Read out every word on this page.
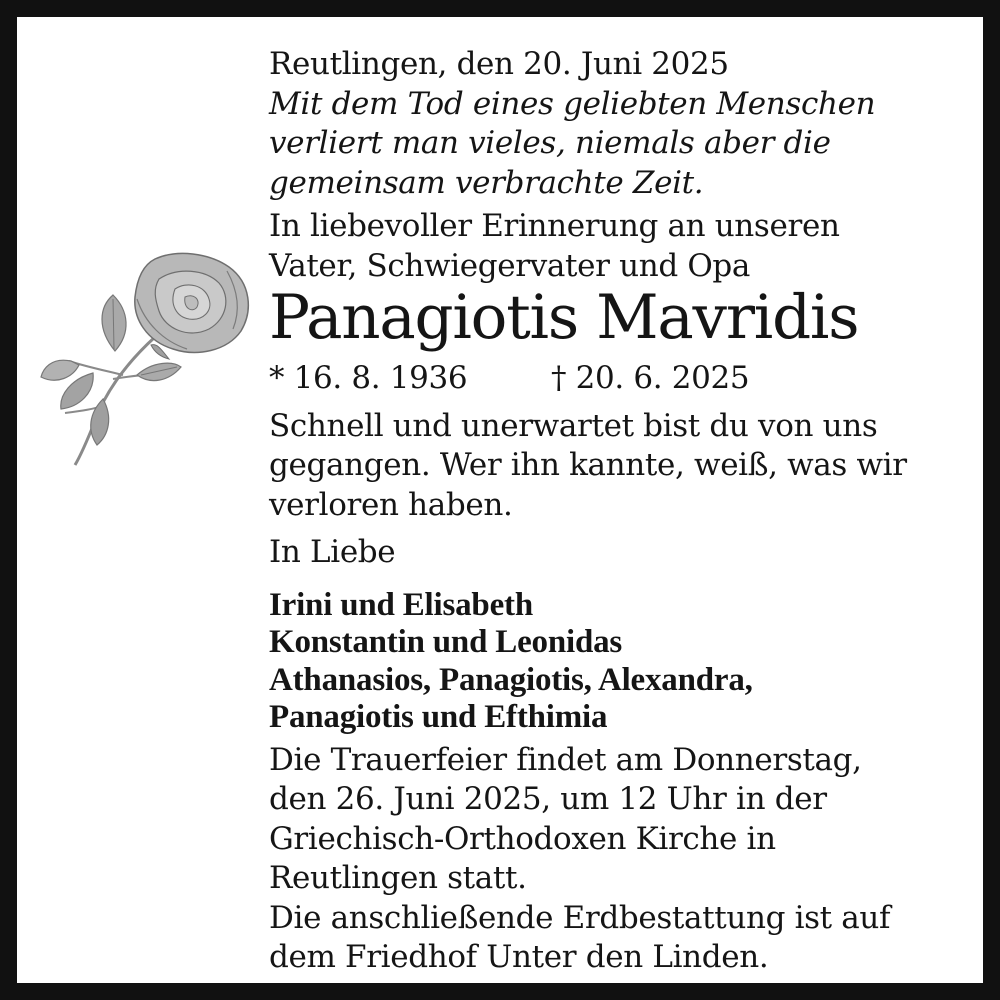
Reutlingen, den 20. Juni 2025
Mit dem Tod eines geliebten Menschen
verliert man vieles, niemals aber die
gemeinsam verbrachte Zeit.
In liebevoller Erinnerung an unseren
Vater, Schwiegervater und Opa
Panagiotis Mavridis
* 16. 8. 1936	† 20. 6. 2025
Schnell und unerwartet bist du von uns
gegangen. Wer ihn kannte, weiß, was wir
verloren haben.
In Liebe
Irini und Elisabeth
Konstantin und Leonidas
Athanasios, Panagiotis, Alexandra,
Panagiotis und Efthimia
Die Trauerfeier findet am Donnerstag,
den 26. Juni 2025, um 12 Uhr in der
Griechisch-Orthodoxen Kirche in
Reutlingen statt.
Die anschließende Erdbestattung ist auf
dem Friedhof Unter den Linden.
